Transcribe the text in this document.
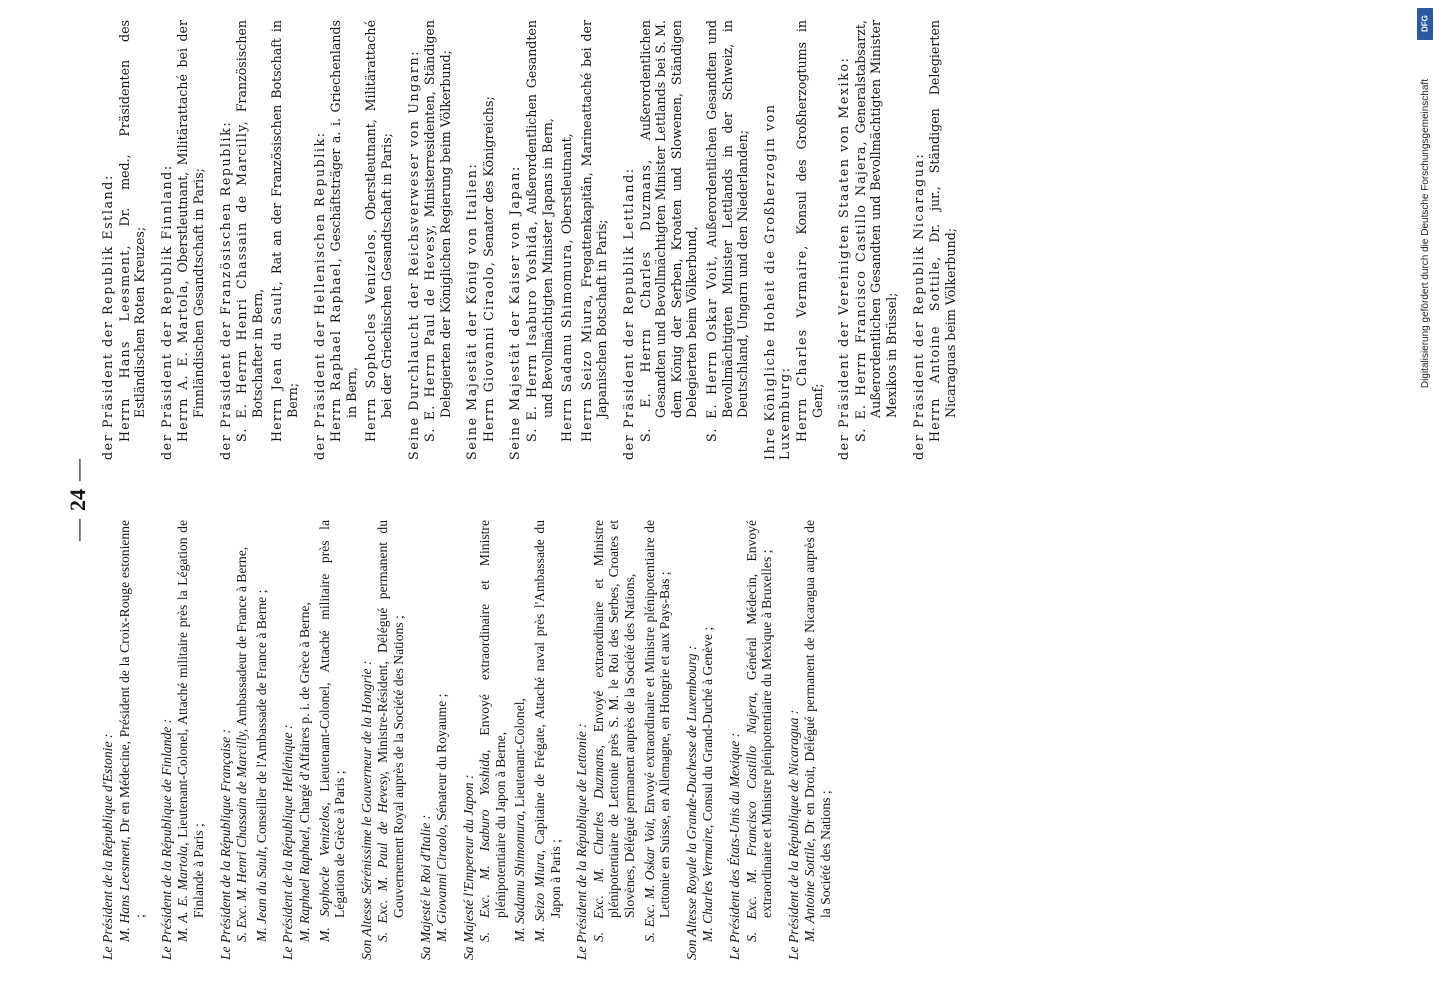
— 24 —
Le Président de la République d'Estonie : M. Hans Leesment, Dr en Médecine, Président de la Croix-Rouge estonienne ; Le Président de la République de Finlande : M. A. E. Martola, Lieutenant-Colonel, Attaché militaire près la Légation de Finlande à Paris ; Le Président de la République Française : S. Exc. M. Henri Chassain de Marcilly, Ambassadeur de France à Berne,
M. Jean du Sault, Conseiller de l'Ambassade de France à Berne ; Le Président de la République Hellénique : M. Raphael Raphael, Chargé d'Affaires p. i. de Grèce à Berne,
M. Sophocle Venizelos, Lieutenant-Colonel, Attaché militaire près la Légation de Grèce à Paris ; Son Altesse Sérénissime le Gouverneur de la Hongrie : S. Exc. M. Paul de Hevesy, Ministre-Résident, Délégué permanent du Gouvernement Royal auprès de la Société des Nations ; Sa Majesté le Roi d'Italie : M. Giovanni Ciraolo, Sénateur du Royaume ;
Sa Majesté l'Empereur du Japon : S. Exc. M. Isaburo Yoshida, Envoyé extraordinaire et Ministre plénipotentiaire du Japon à Berne, M. Sadamu Shimomura, Lieutenant-Colonel,
M. Seizo Miura, Capitaine de Frégate, Attaché naval près l'Ambassade du Japon à Paris ; Le Président de la République de Lettonie : S. Exc. M. Charles Duzmans, Envoyé extraordinaire et Ministre plénipotentiaire de Lettonie près S. M. le Roi des Serbes, Croates et Slovènes, Délégué permanent auprès de la Société des Nations, S. Exc. M. Oskar Voit, Envoyé extraordinaire et Ministre plénipotentiaire de Lettonie en Suisse, en Allemagne, en Hongrie et aux Pays-Bas ; Son Altesse Royale la Grande-Duchesse de Luxembourg : M. Charles Vermaire, Consul du Grand-Duché à Genève ;
Le Président des États-Unis du Mexique : S. Exc. M. Francisco Castillo Najera, Général Médecin, Envoyé extraordinaire et Ministre plénipotentiaire du Mexique à Bruxelles ; Le Président de la République de Nicaragua : M. Antoine Sottile, Dr en Droit, Délégué permanent de Nicaragua auprès de la Société des Nations ;
der Präsident der Republik Estland: Herrn Hans Leesment, Dr. med., Präsidenten des Estländischen Roten Kreuzes; der Präsident der Republik Finnland: Herrn A. E. Martola, Oberstleutnant, Militärattaché bei der Finnländischen Gesandtschaft in Paris; der Präsident der Französischen Republik: S. E. Herrn Henri Chassain de Marcilly, Französischen Botschafter in Bern, Herrn Jean du Sault, Rat an der Französischen Botschaft in Bern; der Präsident der Hellenischen Republik: Herrn Raphael Raphael, Geschäftsträger a. i. Griechenlands in Bern, Herrn Sophocles Venizelos, Oberstleutnant, Militärattaché bei der Griechischen Gesandtschaft in Paris; Seine Durchlaucht der Reichsverweser von Ungarn: S. E. Herrn Paul de Hevesy, Ministerresidenten, Ständigen Delegierten der Königlichen Regierung beim Völkerbund; Seine Majestät der König von Italien: Herrn Giovanni Ciraolo, Senator des Königreichs; Seine Majestät der Kaiser von Japan: S. E. Herrn Isaburo Yoshida, Außerordentlichen Gesandten und Bevollmächtigten Minister Japans in Bern, Herrn Sadamu Shimomura, Oberstleutnant,
Herrn Seizo Miura, Fregattenkapitän, Marineattaché bei der Japanischen Botschaft in Paris; der Präsident der Republik Lettland: S. E. Herrn Charles Duzmans, Außerordentlichen Gesandten und Bevollmächtigten Minister Lettlands bei S. M. dem König der Serben, Kroaten und Slowenen, Ständigen Delegierten beim Völkerbund, S. E. Herrn Oskar Voit, Außerordentlichen Gesandten und Bevollmächtigten Minister Lettlands in der Schweiz, in Deutschland, Ungarn und den Niederlanden; Ihre Königliche Hoheit die Großherzogin von Luxemburg: Herrn Charles Vermaire, Konsul des Großherzogtums in Genf; der Präsident der Vereinigten Staaten von Mexiko: S. E. Herrn Francisco Castillo Najera, Generalstabsarzt, Außerordentlichen Gesandten und Bevollmächtigten Minister Mexikos in Brüssel; der Präsident der Republik Nicaragua: Herrn Antoine Sottile, Dr. jur., Ständigen Delegierten Nicaraguas beim Völkerbund;
DFG
Digitalisierung gefördert durch die Deutsche Forschungsgemeinschaft
